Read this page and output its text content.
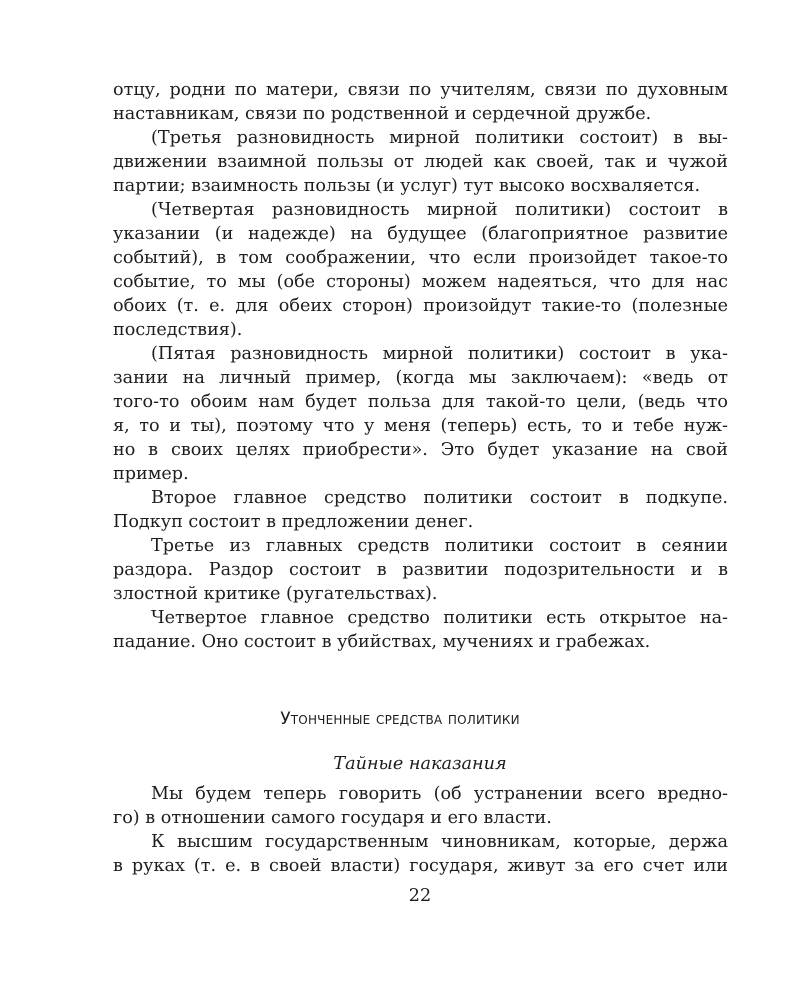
отцу, родни по матери, связи по учителям, связи по духовным
наставникам, связи по родственной и сердечной дружбе.
(Третья разновидность мирной политики состоит) в вы-
движении взаимной пользы от людей как своей, так и чужой
партии; взаимность пользы (и услуг) тут высоко восхваляется.
(Четвертая разновидность мирной политики) состоит в
указании (и надежде) на будущее (благоприятное развитие
событий), в том соображении, что если произойдет такое-то
событие, то мы (обе стороны) можем надеяться, что для нас
обоих (т. е. для обеих сторон) произойдут такие-то (полезные
последствия).
(Пятая разновидность мирной политики) состоит в ука-
зании на личный пример, (когда мы заключаем): «ведь от
того-то обоим нам будет польза для такой-то цели, (ведь что
я, то и ты), поэтому что у меня (теперь) есть, то и тебе нуж-
но в своих целях приобрести». Это будет указание на свой
пример.
Второе главное средство политики состоит в подкупе.
Подкуп состоит в предложении денег.
Третье из главных средств политики состоит в сеянии
раздора. Раздор состоит в развитии подозрительности и в
злостной критике (ругательствах).
Четвертое главное средство политики есть открытое на-
падание. Оно состоит в убийствах, мучениях и грабежах.
Утонченные средства политики
Тайные наказания
Мы будем теперь говорить (об устранении всего вредно-
го) в отношении самого государя и его власти.
К высшим государственным чиновникам, которые, держа
в руках (т. е. в своей власти) государя, живут за его счет или
22
